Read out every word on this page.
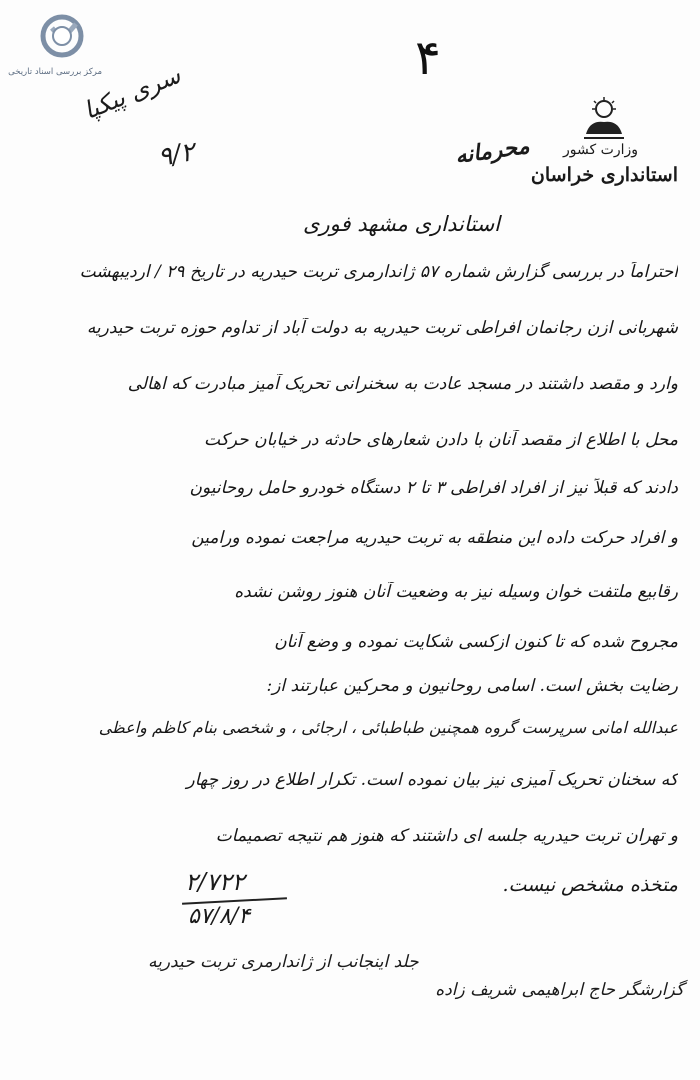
مرکز بررسی اسناد تاریخی	۴
سری پیکپا
۹/۲	وزارت کشور
استانداری خراسان
محرمانه
استانداری مشهد فوری
احتراماً در بررسی گزارش شماره ۵۷ ژاندارمری تربت حیدریه در تاریخ ۲۹ / اردیبهشت
شهربانی ازن رجانمان افراطی تربت حیدریه به دولت آباد از تداوم حوزه تربت حیدریه
وارد و مقصد داشتند در مسجد عادت به سخنرانی تحریک آمیز مبادرت که اهالی
محل با اطلاع از مقصد آنان با دادن شعارهای حادثه در خیابان حرکت
دادند که قبلاً نیز از افراد افراطی ۳ تا ۲ دستگاه خودرو حامل روحانیون
و افراد حرکت داده این منطقه به تربت حیدریه مراجعت نموده ورامین
رقابیع ملتفت خوان وسیله نیز به وضعیت آنان هنوز روشن نشده
مجروح شده که تا کنون ازکسی شکایت نموده و وضع آنان
رضایت بخش است. اسامی روحانیون و محرکین عبارتند از:
عبدالله امانی سرپرست گروه همچنین طباطبائی ، ارجائی ، و شخصی بنام کاظم واعظی
که سخنان تحریک آمیزی نیز بیان نموده است. تکرار اطلاع در روز چهار
و تهران تربت حیدریه جلسه ای داشتند که هنوز هم نتیجه تصمیمات
متخذه مشخص نیست.
۲/۷۲۲
۵۷/۸/۴
جلد اینجانب از ژاندارمری تربت حیدریه
گزارشگر حاج ابراهیمی شریف زاده
